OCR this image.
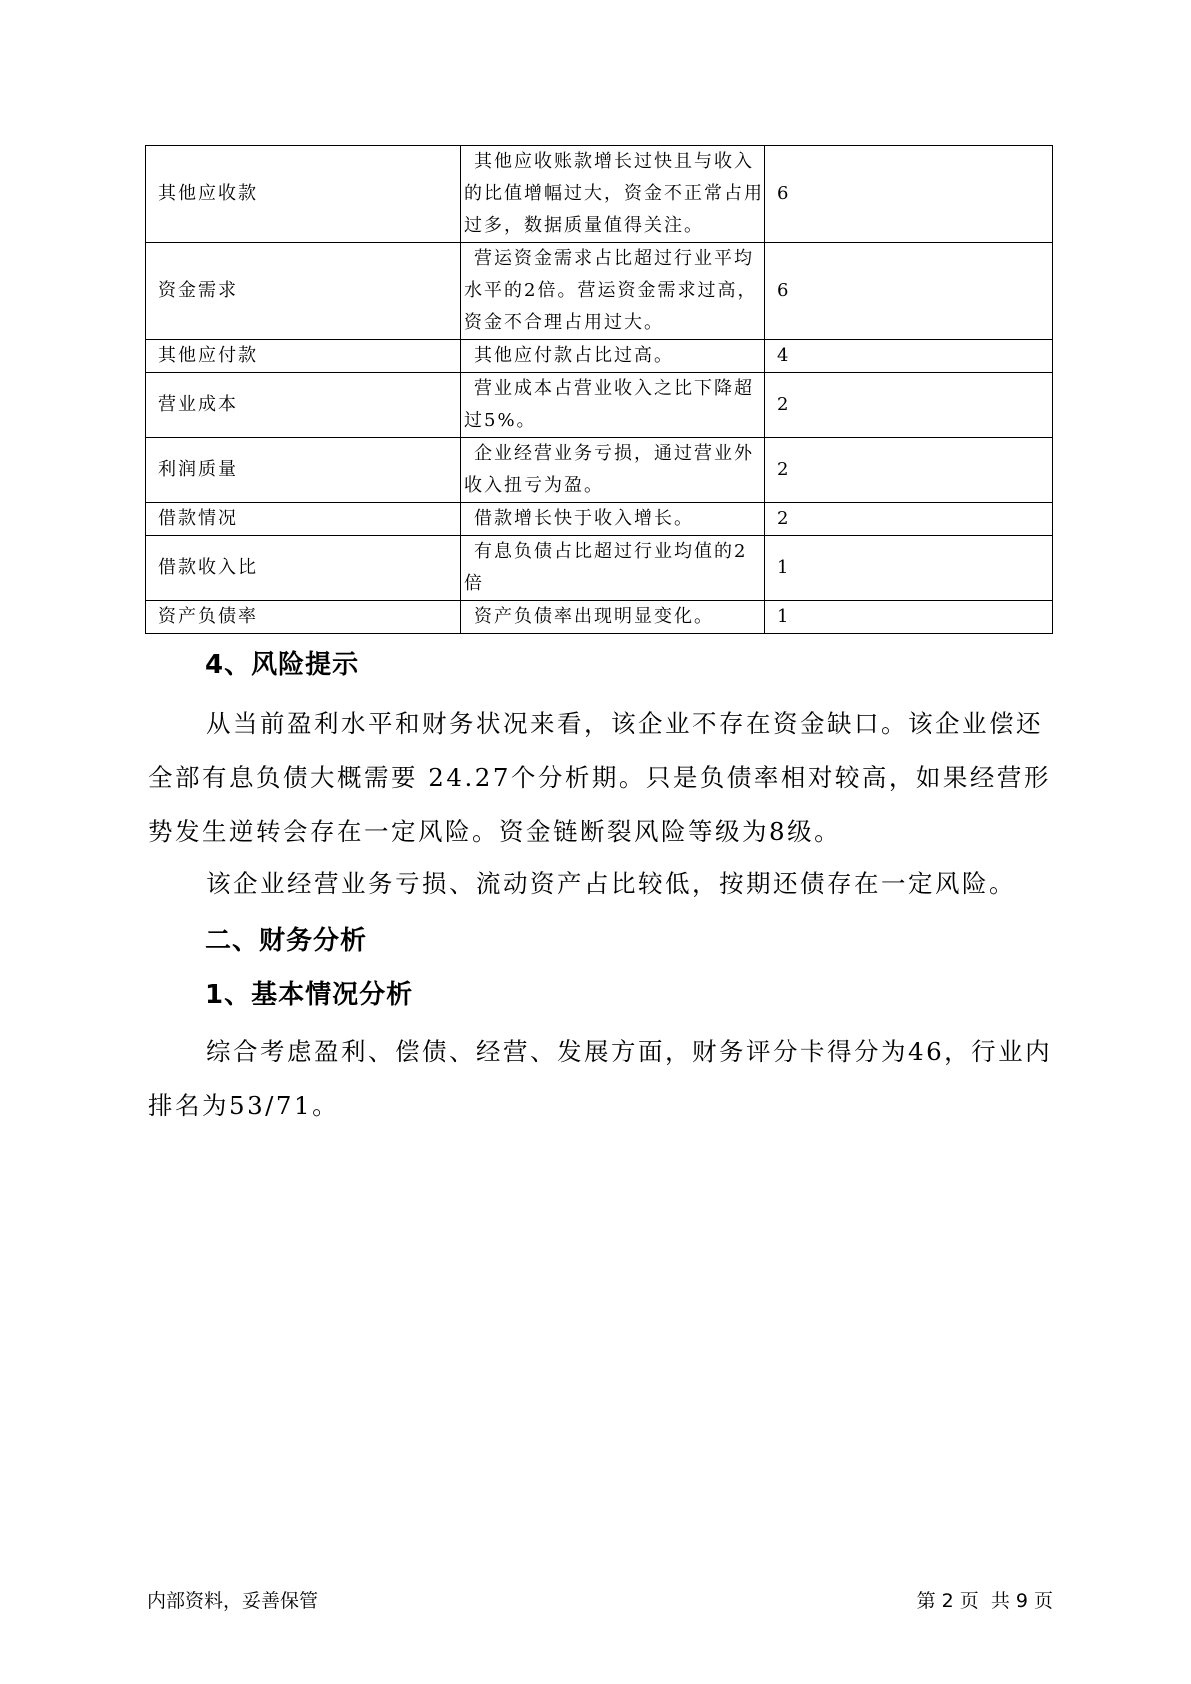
其他应收款	其他应收账款增长过快且与收入的比值增幅过大，资金不正常占用过多，数据质量值得关注。	6
资金需求	营运资金需求占比超过行业平均水平的2倍。营运资金需求过高，资金不合理占用过大。	6
其他应付款	其他应付款占比过高。	4
营业成本	营业成本占营业收入之比下降超过5%。	2
利润质量	企业经营业务亏损，通过营业外收入扭亏为盈。	2
借款情况	借款增长快于收入增长。	2
借款收入比	有息负债占比超过行业均值的2倍	1
资产负债率	资产负债率出现明显变化。	1
4、风险提示

从当前盈利水平和财务状况来看，该企业不存在资金缺口。该企业偿还全部有息负债大概需要 24.27个分析期。只是负债率相对较高，如果经营形势发生逆转会存在一定风险。资金链断裂风险等级为8级。

该企业经营业务亏损、流动资产占比较低，按期还债存在一定风险。

二、财务分析
1、基本情况分析

综合考虑盈利、偿债、经营、发展方面，财务评分卡得分为46，行业内排名为53/71。

内部资料，妥善保管	第 2 页  共 9 页
